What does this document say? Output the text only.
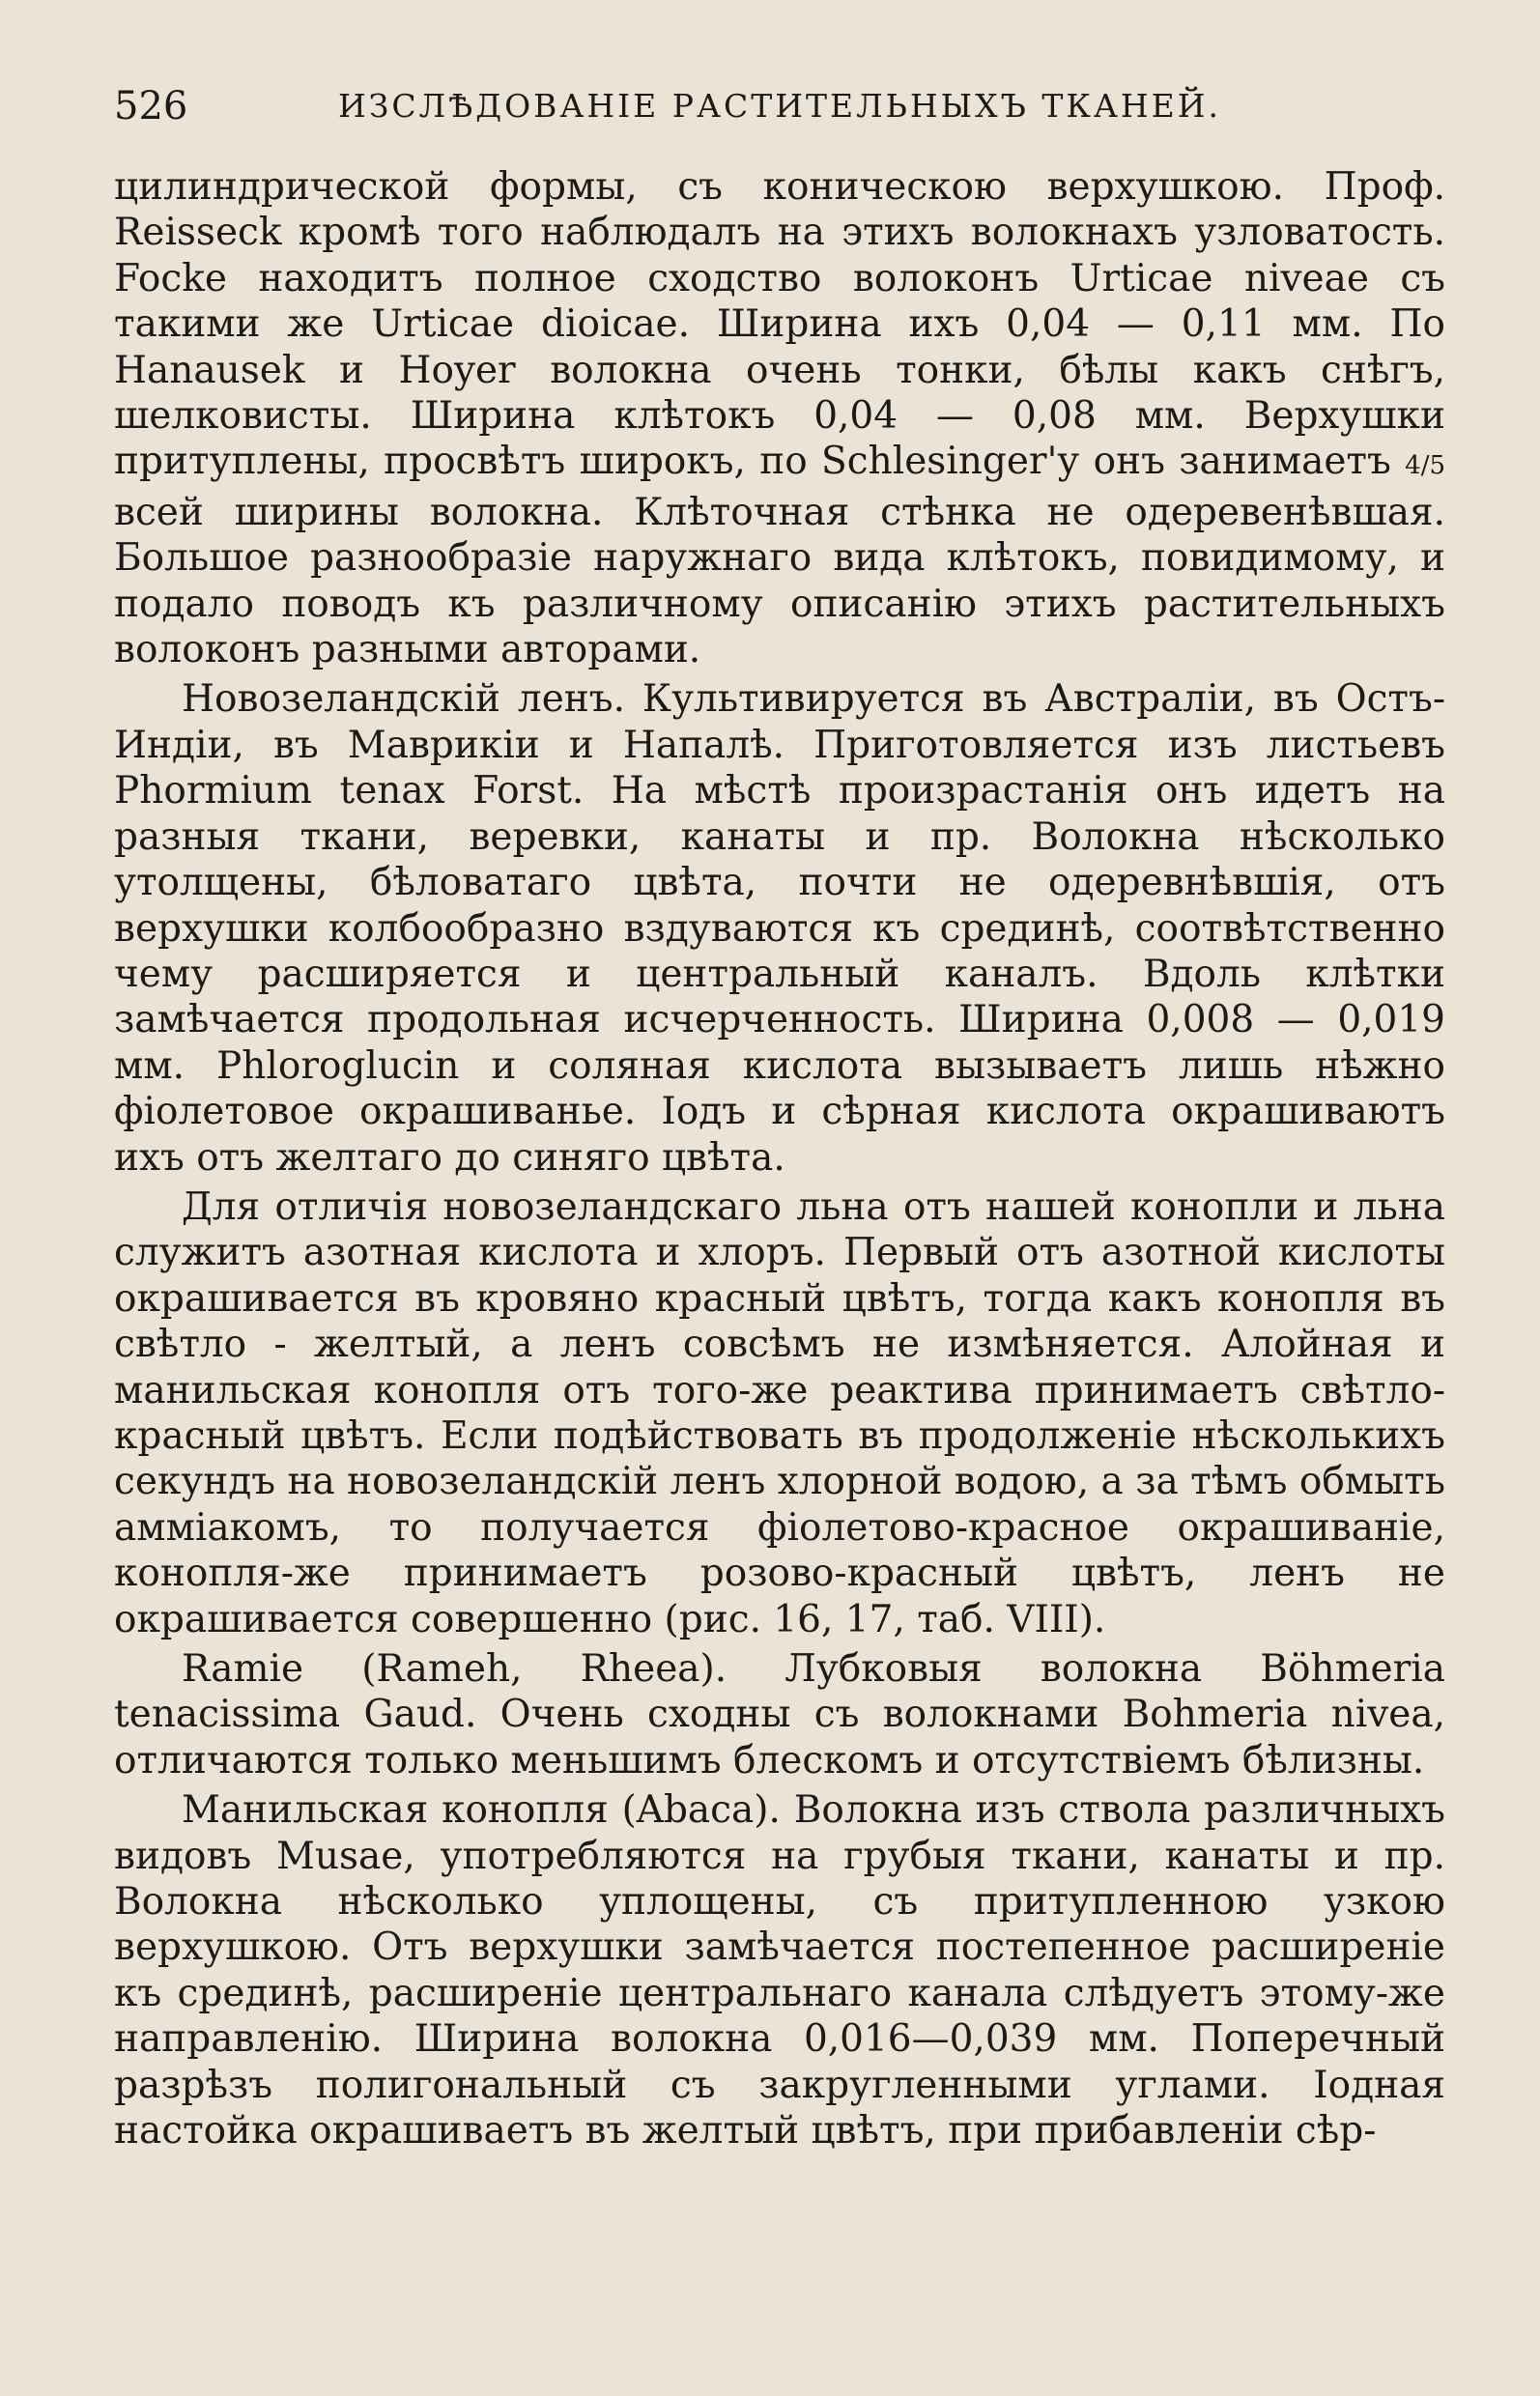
526	ИЗСЛѢДОВАНІЕ РАСТИТЕЛЬНЫХЪ ТКАНЕЙ.

цилиндрической формы, съ коническою верхушкою. Проф. Reisseck кромѣ того наблюдалъ на этихъ волокнахъ узловатость. Focke находитъ полное сходство волоконъ Urticae niveae съ такими же Urticae dioicae. Ширина ихъ 0,04 — 0,11 мм. По Hanausek и Hoyer волокна очень тонки, бѣлы какъ снѣгъ, шелковисты. Ширина клѣтокъ 0,04 — 0,08 мм. Верхушки притуплены, просвѣтъ широкъ, по Schlesinger'у онъ занимаетъ 4/5 всей ширины волокна. Клѣточная стѣнка не одеревенѣвшая. Большое разнообразіе наружнаго вида клѣтокъ, повидимому, и подало поводъ къ различному описанію этихъ растительныхъ волоконъ разными авторами.

Новозеландскій ленъ. Культивируется въ Австраліи, въ Остъ-Индіи, въ Маврикіи и Напалѣ. Приготовляется изъ листьевъ Phormium tenax Forst. На мѣстѣ произрастанія онъ идетъ на разныя ткани, веревки, канаты и пр. Волокна нѣсколько утолщены, бѣловатаго цвѣта, почти не одеревнѣвшія, отъ верхушки колбообразно вздуваются къ срединѣ, соотвѣтственно чему расширяется и центральный каналъ. Вдоль клѣтки замѣчается продольная исчерченность. Ширина 0,008 — 0,019 мм. Phloroglucin и соляная кислота вызываетъ лишь нѣжно фіолетовое окрашиванье. Іодъ и сѣрная кислота окрашиваютъ ихъ отъ желтаго до синяго цвѣта.

Для отличія новозеландскаго льна отъ нашей конопли и льна служитъ азотная кислота и хлоръ. Первый отъ азотной кислоты окрашивается въ кровяно красный цвѣтъ, тогда какъ конопля въ свѣтло - желтый, а ленъ совсѣмъ не измѣняется. Алойная и манильская конопля отъ того-же реактива принимаетъ свѣтло-красный цвѣтъ. Если подѣйствовать въ продолженіе нѣсколькихъ секундъ на новозеландскій ленъ хлорной водою, а за тѣмъ обмыть амміакомъ, то получается фіолетово-красное окрашиваніе, конопля-же принимаетъ розово-красный цвѣтъ, ленъ не окрашивается совершенно (рис. 16, 17, таб. VIII).

Ramie (Rameh, Rheea). Лубковыя волокна Böhmeria tenacissima Gaud. Очень сходны съ волокнами Bohmeria nivea, отличаются только меньшимъ блескомъ и отсутствіемъ бѣлизны.

Манильская конопля (Abaca). Волокна изъ ствола различныхъ видовъ Musae, употребляются на грубыя ткани, канаты и пр. Волокна нѣсколько уплощены, съ притупленною узкою верхушкою. Отъ верхушки замѣчается постепенное расширеніе къ срединѣ, расширеніе центральнаго канала слѣдуетъ этому-же направленію. Ширина волокна 0,016—0,039 мм. Поперечный разрѣзъ полигональный съ закругленными углами. Іодная настойка окрашиваетъ въ желтый цвѣтъ, при прибавленіи сѣр-
